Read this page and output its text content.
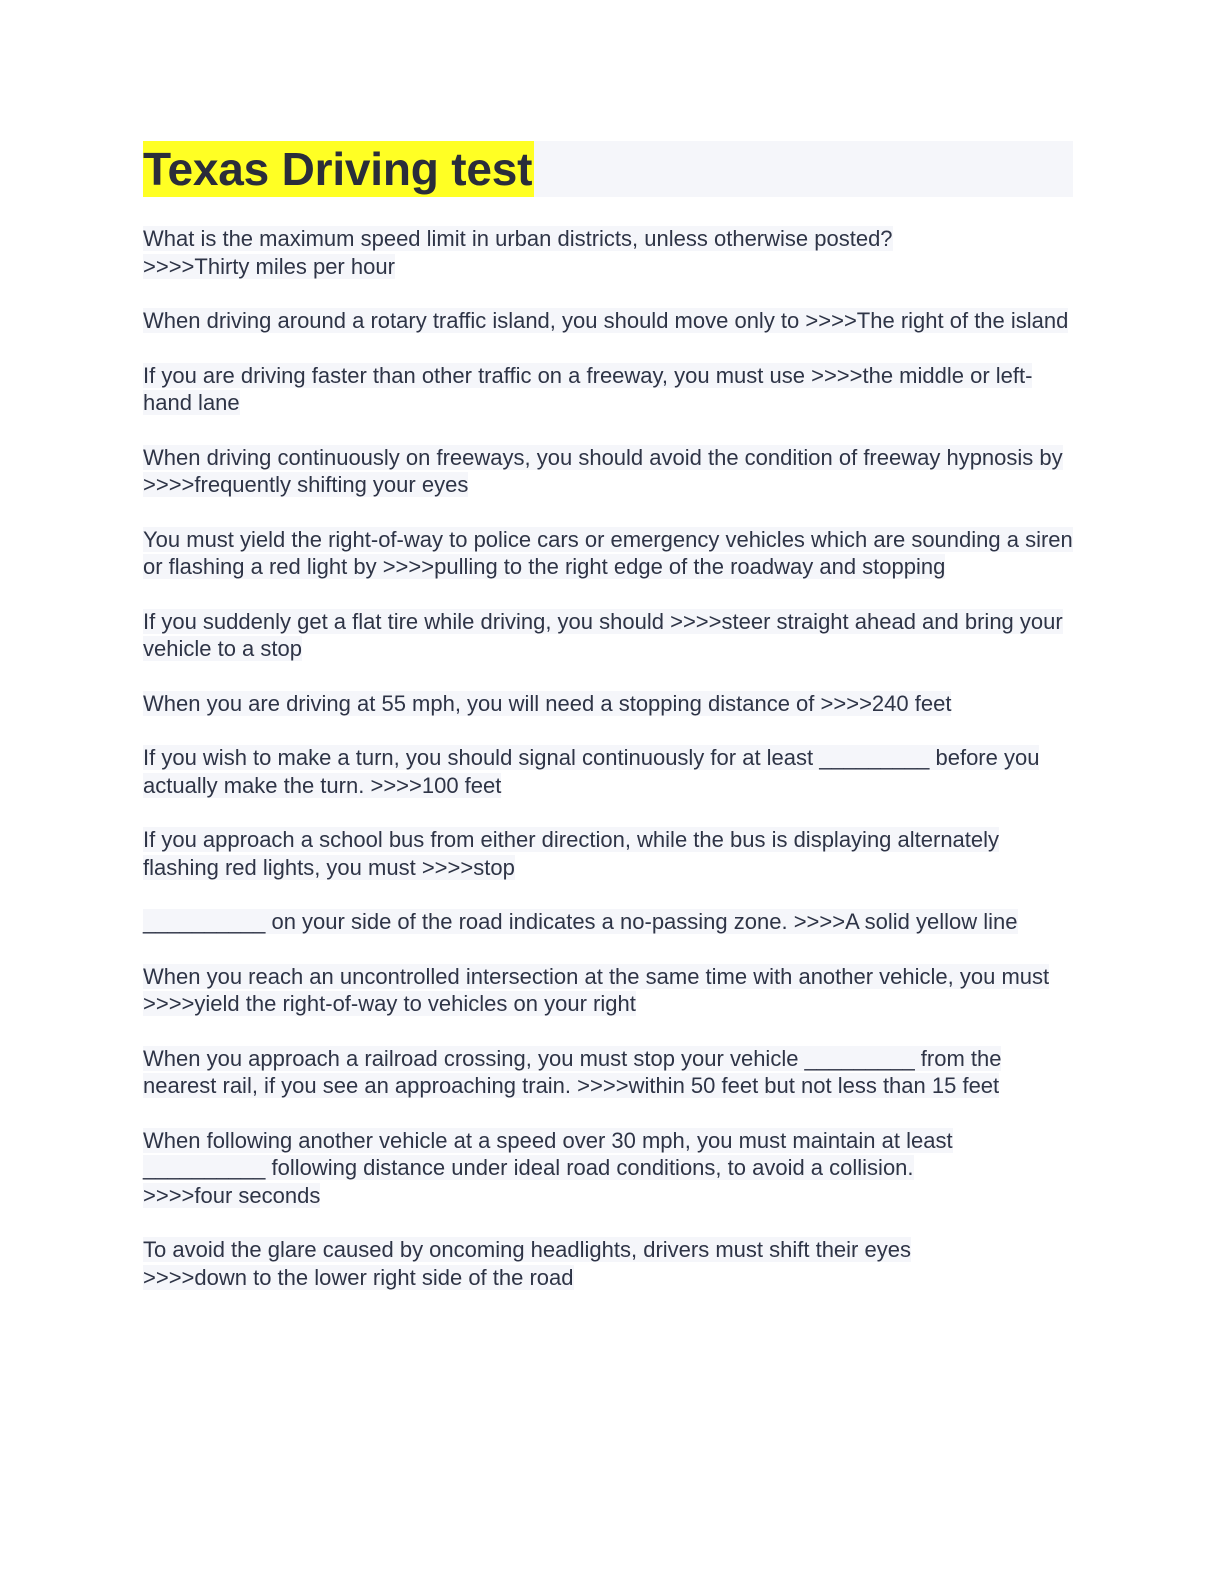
Texas Driving test

What is the maximum speed limit in urban districts, unless otherwise posted?
>>>>Thirty miles per hour

When driving around a rotary traffic island, you should move only to >>>>The right of the island

If you are driving faster than other traffic on a freeway, you must use >>>>the middle or left-hand lane

When driving continuously on freeways, you should avoid the condition of freeway hypnosis by >>>>frequently shifting your eyes

You must yield the right-of-way to police cars or emergency vehicles which are sounding a siren or flashing a red light by >>>>pulling to the right edge of the roadway and stopping

If you suddenly get a flat tire while driving, you should >>>>steer straight ahead and bring your vehicle to a stop

When you are driving at 55 mph, you will need a stopping distance of >>>>240 feet

If you wish to make a turn, you should signal continuously for at least _________ before you actually make the turn. >>>>100 feet

If you approach a school bus from either direction, while the bus is displaying alternately flashing red lights, you must >>>>stop

__________ on your side of the road indicates a no-passing zone. >>>>A solid yellow line

When you reach an uncontrolled intersection at the same time with another vehicle, you must >>>>yield the right-of-way to vehicles on your right

When you approach a railroad crossing, you must stop your vehicle _________ from the nearest rail, if you see an approaching train. >>>>within 50 feet but not less than 15 feet

When following another vehicle at a speed over 30 mph, you must maintain at least __________ following distance under ideal road conditions, to avoid a collision.
>>>>four seconds

To avoid the glare caused by oncoming headlights, drivers must shift their eyes
>>>>down to the lower right side of the road
